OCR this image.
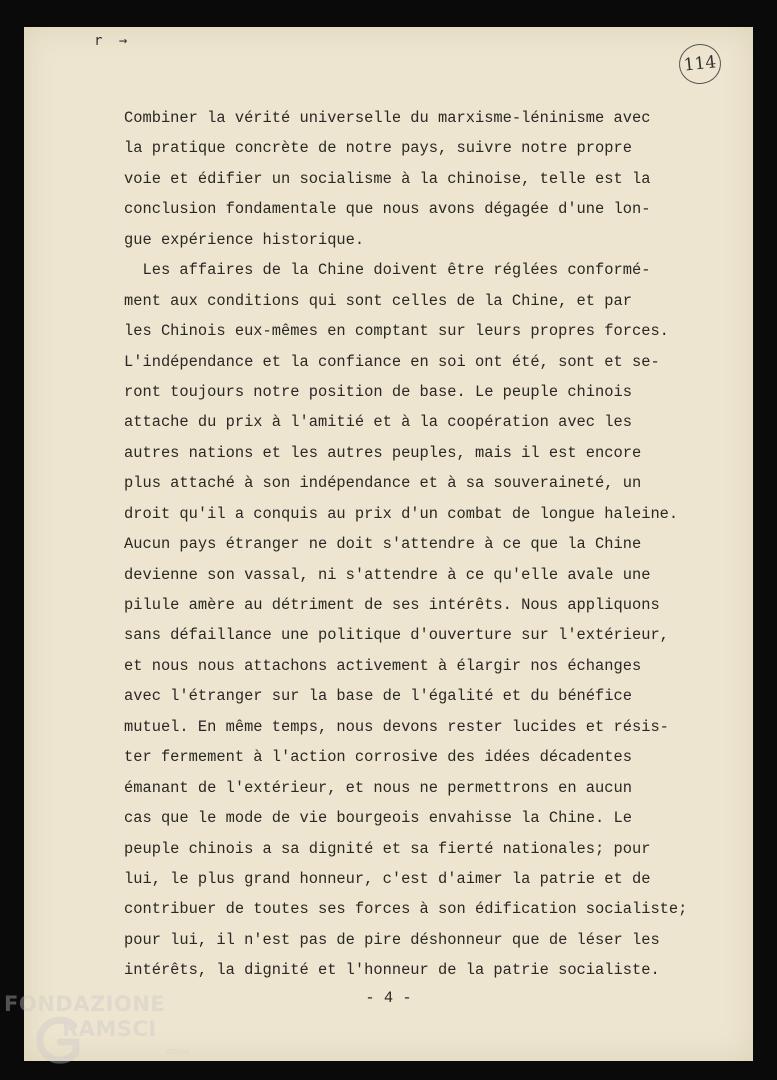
r →
114
Combiner la vérité universelle du marxisme-léninisme avec
la pratique concrète de notre pays, suivre notre propre
voie et édifier un socialisme à la chinoise, telle est la
conclusion fondamentale que nous avons dégagée d'une lon-
gue expérience historique.
Les affaires de la Chine doivent être réglées conformé-
ment aux conditions qui sont celles de la Chine, et par
les Chinois eux-mêmes en comptant sur leurs propres forces.
L'indépendance et la confiance en soi ont été, sont et se-
ront toujours notre position de base. Le peuple chinois
attache du prix à l'amitié et à la coopération avec les
autres nations et les autres peuples, mais il est encore
plus attaché à son indépendance et à sa souveraineté, un
droit qu'il a conquis au prix d'un combat de longue haleine.
Aucun pays étranger ne doit s'attendre à ce que la Chine
devienne son vassal, ni s'attendre à ce qu'elle avale une
pilule amère au détriment de ses intérêts. Nous appliquons
sans défaillance une politique d'ouverture sur l'extérieur,
et nous nous attachons activement à élargir nos échanges
avec l'étranger sur la base de l'égalité et du bénéfice
mutuel. En même temps, nous devons rester lucides et résis-
ter fermement à l'action corrosive des idées décadentes
émanant de l'extérieur, et nous ne permettrons en aucun
cas que le mode de vie bourgeois envahisse la Chine. Le
peuple chinois a sa dignité et sa fierté nationales; pour
lui, le plus grand honneur, c'est d'aimer la patrie et de
contribuer de toutes ses forces à son édification socialiste;
pour lui, il n'est pas de pire déshonneur que de léser les
intérêts, la dignité et l'honneur de la patrie socialiste.
- 4 -
FONDAZIONE
RAMSCI
onlus
